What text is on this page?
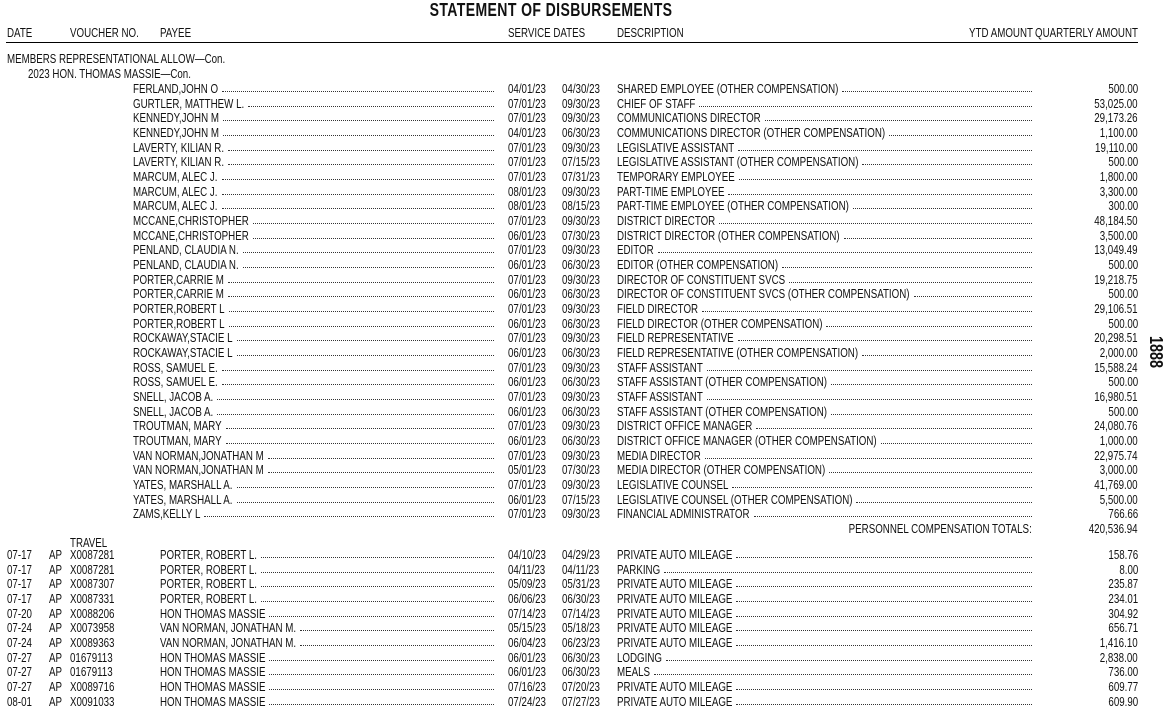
STATEMENT OF DISBURSEMENTS
DATE	VOUCHER NO. PAYEE	SERVICE DATES	DESCRIPTION	YTD AMOUNT QUARTERLY AMOUNT
MEMBERS REPRESENTATIONAL ALLOW—Con.
2023 HON. THOMAS MASSIE—Con.
FERLAND,JOHN O	04/01/23 04/30/23 SHARED EMPLOYEE (OTHER COMPENSATION)	500.00
GURTLER, MATTHEW L.	07/01/23 09/30/23 CHIEF OF STAFF	53,025.00
KENNEDY,JOHN M	07/01/23 09/30/23 COMMUNICATIONS DIRECTOR	29,173.26
KENNEDY,JOHN M	04/01/23 06/30/23 COMMUNICATIONS DIRECTOR (OTHER COMPENSATION)	1,100.00
LAVERTY, KILIAN R.	07/01/23 09/30/23 LEGISLATIVE ASSISTANT	19,110.00
LAVERTY, KILIAN R.	07/01/23 07/15/23 LEGISLATIVE ASSISTANT (OTHER COMPENSATION)	500.00
MARCUM, ALEC J.	07/01/23 07/31/23 TEMPORARY EMPLOYEE	1,800.00
MARCUM, ALEC J.	08/01/23 09/30/23 PART-TIME EMPLOYEE	3,300.00
MARCUM, ALEC J.	08/01/23 08/15/23 PART-TIME EMPLOYEE (OTHER COMPENSATION)	300.00
MCCANE,CHRISTOPHER	07/01/23 09/30/23 DISTRICT DIRECTOR	48,184.50
MCCANE,CHRISTOPHER	06/01/23 07/30/23 DISTRICT DIRECTOR (OTHER COMPENSATION)	3,500.00
PENLAND, CLAUDIA N.	07/01/23 09/30/23 EDITOR	13,049.49
PENLAND, CLAUDIA N.	06/01/23 06/30/23 EDITOR (OTHER COMPENSATION)	500.00
PORTER,CARRIE M	07/01/23 09/30/23 DIRECTOR OF CONSTITUENT SVCS	19,218.75
PORTER,CARRIE M	06/01/23 06/30/23 DIRECTOR OF CONSTITUENT SVCS (OTHER COMPENSATION)	500.00
PORTER,ROBERT L	07/01/23 09/30/23 FIELD DIRECTOR	29,106.51
PORTER,ROBERT L	06/01/23 06/30/23 FIELD DIRECTOR (OTHER COMPENSATION)	500.00
ROCKAWAY,STACIE L	07/01/23 09/30/23 FIELD REPRESENTATIVE	20,298.51
ROCKAWAY,STACIE L	06/01/23 06/30/23 FIELD REPRESENTATIVE (OTHER COMPENSATION)	2,000.00
ROSS, SAMUEL E.	07/01/23 09/30/23 STAFF ASSISTANT	15,588.24
ROSS, SAMUEL E.	06/01/23 06/30/23 STAFF ASSISTANT (OTHER COMPENSATION)	500.00
SNELL, JACOB A.	07/01/23 09/30/23 STAFF ASSISTANT	16,980.51
SNELL, JACOB A.	06/01/23 06/30/23 STAFF ASSISTANT (OTHER COMPENSATION)	500.00
TROUTMAN, MARY	07/01/23 09/30/23 DISTRICT OFFICE MANAGER	24,080.76
TROUTMAN, MARY	06/01/23 06/30/23 DISTRICT OFFICE MANAGER (OTHER COMPENSATION)	1,000.00
VAN NORMAN,JONATHAN M	07/01/23 09/30/23 MEDIA DIRECTOR	22,975.74
VAN NORMAN,JONATHAN M	05/01/23 07/30/23 MEDIA DIRECTOR (OTHER COMPENSATION)	3,000.00
YATES, MARSHALL A.	07/01/23 09/30/23 LEGISLATIVE COUNSEL	41,769.00
YATES, MARSHALL A.	06/01/23 07/15/23 LEGISLATIVE COUNSEL (OTHER COMPENSATION)	5,500.00
ZAMS,KELLY L	07/01/23 09/30/23 FINANCIAL ADMINISTRATOR	766.66
PERSONNEL COMPENSATION TOTALS:	420,536.94
TRAVEL
07-17 AP X0087281	PORTER, ROBERT L.	04/10/23 04/29/23 PRIVATE AUTO MILEAGE	158.76
07-17 AP X0087281	PORTER, ROBERT L.	04/11/23 04/11/23 PARKING	8.00
07-17 AP X0087307	PORTER, ROBERT L.	05/09/23 05/31/23 PRIVATE AUTO MILEAGE	235.87
07-17 AP X0087331	PORTER, ROBERT L.	06/06/23 06/30/23 PRIVATE AUTO MILEAGE	234.01
07-20 AP X0088206	HON THOMAS MASSIE	07/14/23 07/14/23 PRIVATE AUTO MILEAGE	304.92
07-24 AP X0073958	VAN NORMAN, JONATHAN M.	05/15/23 05/18/23 PRIVATE AUTO MILEAGE	656.71
07-24 AP X0089363	VAN NORMAN, JONATHAN M.	06/04/23 06/23/23 PRIVATE AUTO MILEAGE	1,416.10
07-27 AP 01679113	HON THOMAS MASSIE	06/01/23 06/30/23 LODGING	2,838.00
07-27 AP 01679113	HON THOMAS MASSIE	06/01/23 06/30/23 MEALS	736.00
07-27 AP X0089716	HON THOMAS MASSIE	07/16/23 07/20/23 PRIVATE AUTO MILEAGE	609.77
08-01 AP X0091033	HON THOMAS MASSIE	07/24/23 07/27/23 PRIVATE AUTO MILEAGE	609.90
1888
